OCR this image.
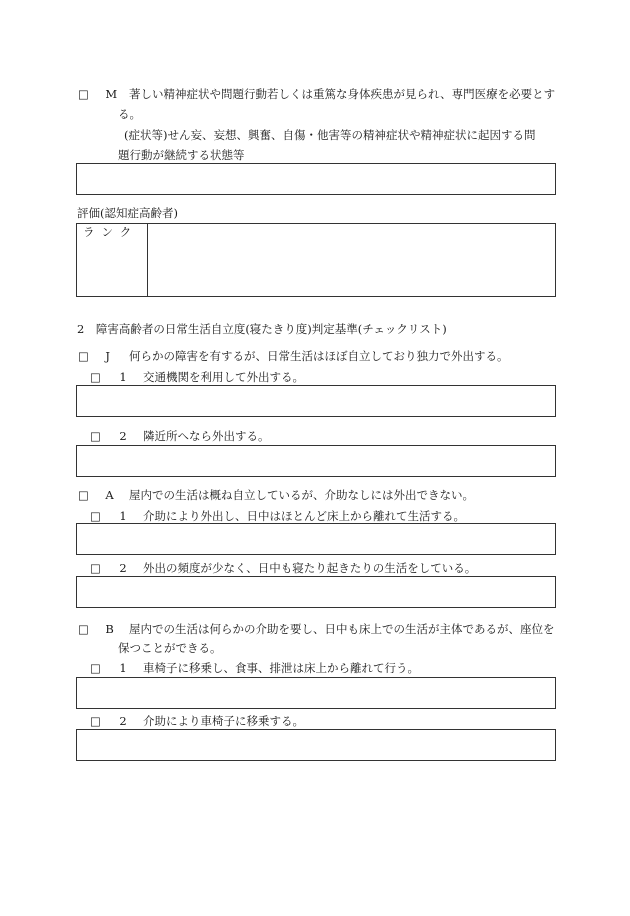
□ M 著しい精神症状や問題行動若しくは重篤な身体疾患が見られ、専門医療を必要とす
る。
(症状等)せん妄、妄想、興奮、自傷・他害等の精神症状や精神症状に起因する問
題行動が継続する状態等
評価(認知症高齢者)
ランク
2　障害高齢者の日常生活自立度(寝たきり度)判定基準(チェックリスト)
□ J 何らかの障害を有するが、日常生活はほぼ自立しており独力で外出する。
□ 1 交通機関を利用して外出する。
□ 2 隣近所へなら外出する。
□ A 屋内での生活は概ね自立しているが、介助なしには外出できない。
□ 1 介助により外出し、日中はほとんど床上から離れて生活する。
□ 2 外出の頻度が少なく、日中も寝たり起きたりの生活をしている。
□ B 屋内での生活は何らかの介助を要し、日中も床上での生活が主体であるが、座位を
保つことができる。
□ 1 車椅子に移乗し、食事、排泄は床上から離れて行う。
□ 2 介助により車椅子に移乗する。
